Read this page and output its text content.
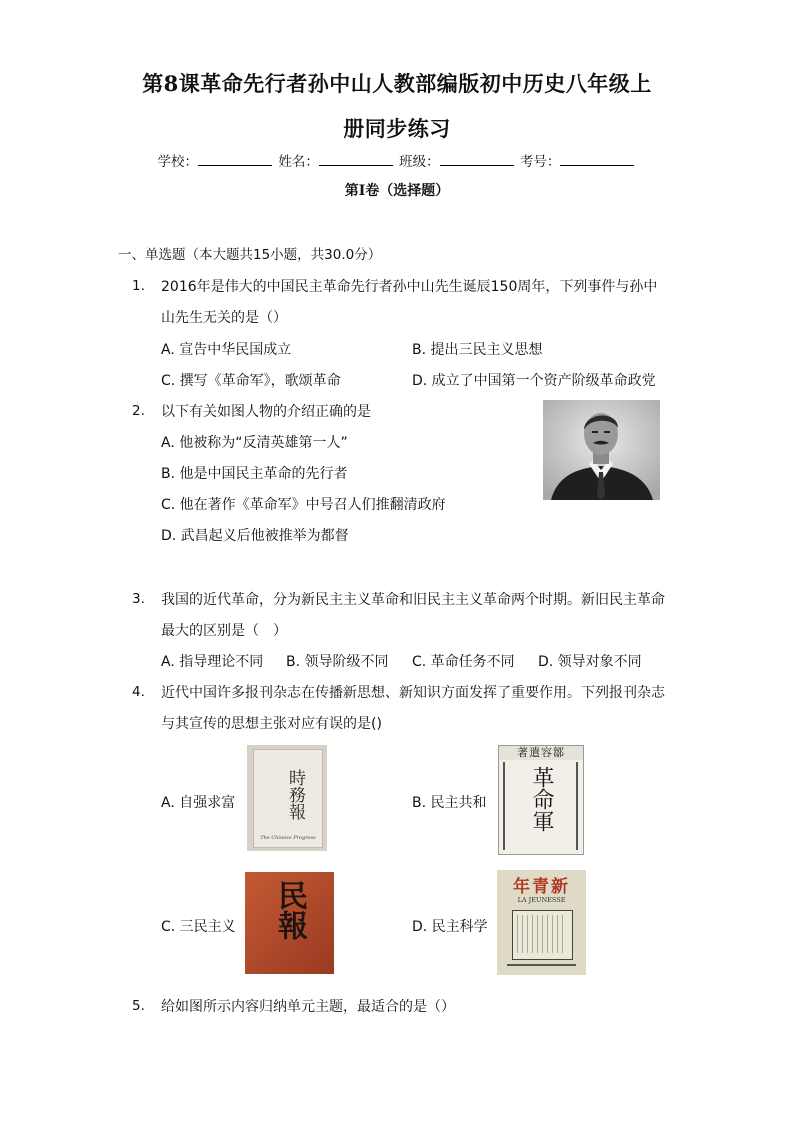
第8课革命先行者孙中山人教部编版初中历史八年级上
册同步练习
学校：	姓名：	班级：	考号：
第I卷（选择题）
一、单选题（本大题共15小题，共30.0分）
1. 2016年是伟大的中国民主革命先行者孙中山先生诞辰150周年，下列事件与孙中
山先生无关的是（）
A. 宣告中华民国成立	B. 提出三民主义思想
C. 撰写《革命军》，歌颂革命	D. 成立了中国第一个资产阶级革命政党
2. 以下有关如图人物的介绍正确的是
A. 他被称为“反清英雄第一人”
B. 他是中国民主革命的先行者
C. 他在著作《革命军》中号召人们推翻清政府
D. 武昌起义后他被推举为都督
3. 我国的近代革命，分为新民主主义革命和旧民主主义革命两个时期。新旧民主革命
最大的区别是（　）
A. 指导理论不同 B. 领导阶级不同 C. 革命任务不同 D. 领导对象不同
4. 近代中国许多报刊杂志在传播新思想、新知识方面发挥了重要作用。下列报刊杂志
与其宣传的思想主张对应有误的是()
A. 自强求富	B. 民主共和
C. 三民主义	D. 民主科学
時務報
The Chinese Progress
著遣容鄒
革命軍
民報	新青年
LA JEUNESSE
5. 给如图所示内容归纳单元主题，最适合的是（）
